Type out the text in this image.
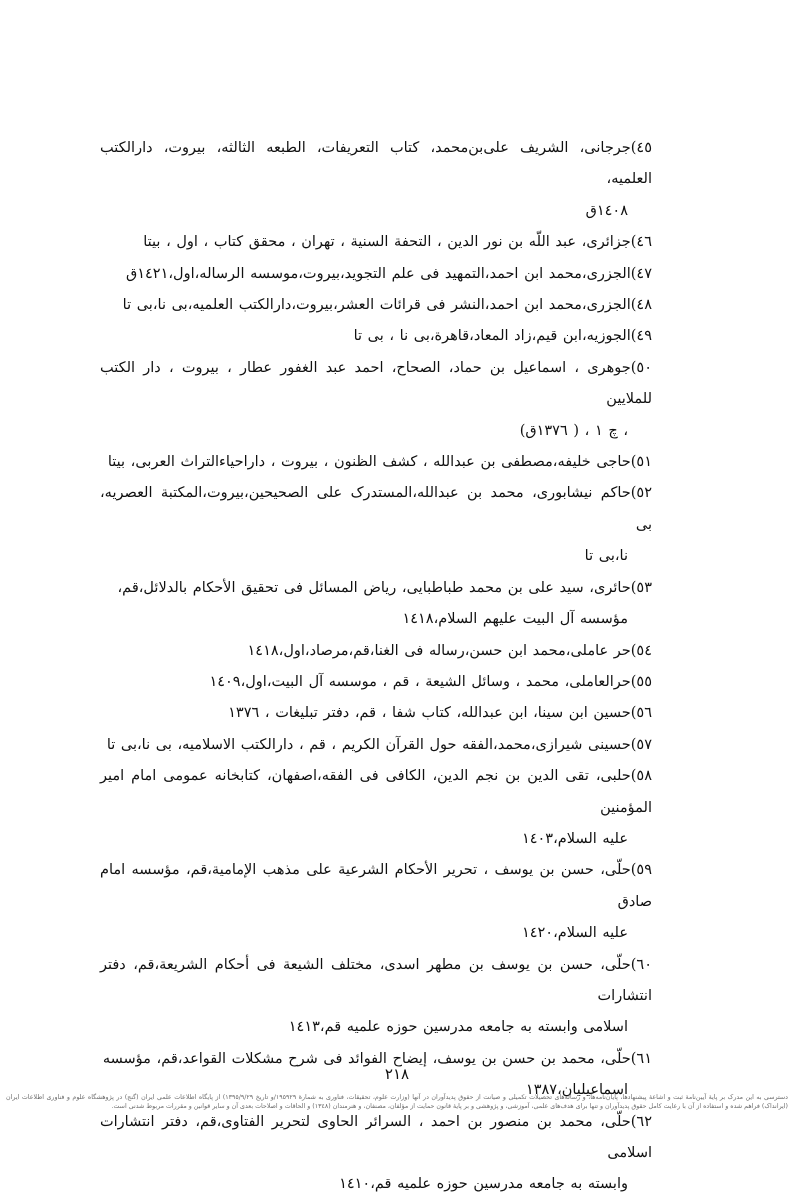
٤٥)جرجانی، الشریف علی‌بن‌محمد، کتاب التعریفات، الطبعه الثالثه، بیروت، دارالکتب العلمیه،
١٤٠٨ق
٤٦)جزائری، عبد اللّه بن نور الدين ، التحفة السنية ، تهران ، محقق كتاب ، اول ، بيتا
٤٧)الجزری،محمد ابن احمد،التمهید فی علم التجوید،بیروت،موسسه الرساله،اول،١٤٢١ق
٤٨)الجزری،محمد ابن احمد،النشر فی قرائات العشر،بیروت،دارالکتب العلمیه،بی نا،بی تا
٤٩)الجوزیه،ابن قیم،زاد المعاد،قاهرة،بی نا ، بی تا
٥٠)جوهری ، اسماعیل بن حماد، الصحاح، احمد عبد الغفور عطار ، بیروت ، دار الکتب للملایین
، چ ١ ، ( ١٣٧٦ق)
٥١)حاجی خلیفه،مصطفی بن عبدالله ، کشف الظنون ، بیروت ، داراحیاءالتراث العربی، بیتا
٥٢)حاکم نیشابوری، محمد بن عبدالله،المستدرک علی الصحیحین،بیروت،المکتبة العصریه، بی
نا،بی تا
٥٣)حائری، سید علی بن محمد طباطبایی، رياض المسائل فی تحقيق الأحكام بالدلائل،قم،
مؤسسه آل البیت علیهم السلام،١٤١٨
٥٤)حر عاملی،محمد ابن حسن،رساله فی الغنا،قم،مرصاد،اول،١٤١٨
٥٥)حرالعاملی، محمد ، وسائل الشیعة ، قم ، موسسه آل البیت،اول،١٤٠٩
٥٦)حسین ابن سینا، ابن عبدالله، کتاب شفا ، قم، دفتر تبلیغات ، ١٣٧٦
٥٧)حسینی شیرازی،محمد،الفقه حول القرآن الکریم ، قم ، دارالکتب الاسلامیه، بی نا،بی تا
٥٨)حلبی، تقی الدین بن نجم الدین، الکافی فی الفقه،اصفهان، کتابخانه عمومی امام امیر المؤمنین
علیه السلام،١٤٠٣
٥٩)حلّی، حسن بن يوسف ، تحرير الأحكام الشرعية على مذهب الإمامية،قم، مؤسسه امام صادق
علیه السلام،١٤٢٠
٦٠)حلّی، حسن بن يوسف بن مطهر اسدی، مختلف الشيعة فی أحكام الشريعة،قم، دفتر انتشارات
اسلامی وابسته به جامعه مدرسین حوزه علمیه قم،١٤١٣
٦١)حلّی، محمد بن حسن بن يوسف، إيضاح الفوائد فی شرح مشكلات القواعد،قم، مؤسسه
اسماعیلیان،١٣٨٧
٦٢)حلّی، محمد بن منصور بن احمد ، السرائر الحاوی لتحرير الفتاوی،قم، دفتر انتشارات اسلامی
وابسته به جامعه مدرسین حوزه علمیه قم،١٤١٠
٢١٨
دسترسی به این مدرک بر پایهٔ آیین‌نامهٔ ثبت و اشاعهٔ پیشنهادها، پایان‌نامه‌ها، و رساله‌های تحصیلات تکمیلی و صیانت از حقوق پدیدآوران در آنها (وزارت علوم، تحقیقات، فناوری به شمارهٔ ١٩٥٩٢٩/و تاریخ ١٣٩٥/٩/٢٩) از پایگاه اطلاعات علمی ایران (گنج) در پژوهشگاه علوم و فناوری اطلاعات ایران (ایرانداک) فراهم شده و استفاده از آن با رعایت کامل حقوق پدیدآوران و تنها برای هدف‌های علمی، آموزشی، و پژوهشی و بر پایهٔ قانون حمایت از مؤلفان، مصنفان، و هنرمندان (١٣٤٨) و الحاقات و اصلاحات بعدی آن و سایر قوانین و مقررات مربوط شدنی است.
